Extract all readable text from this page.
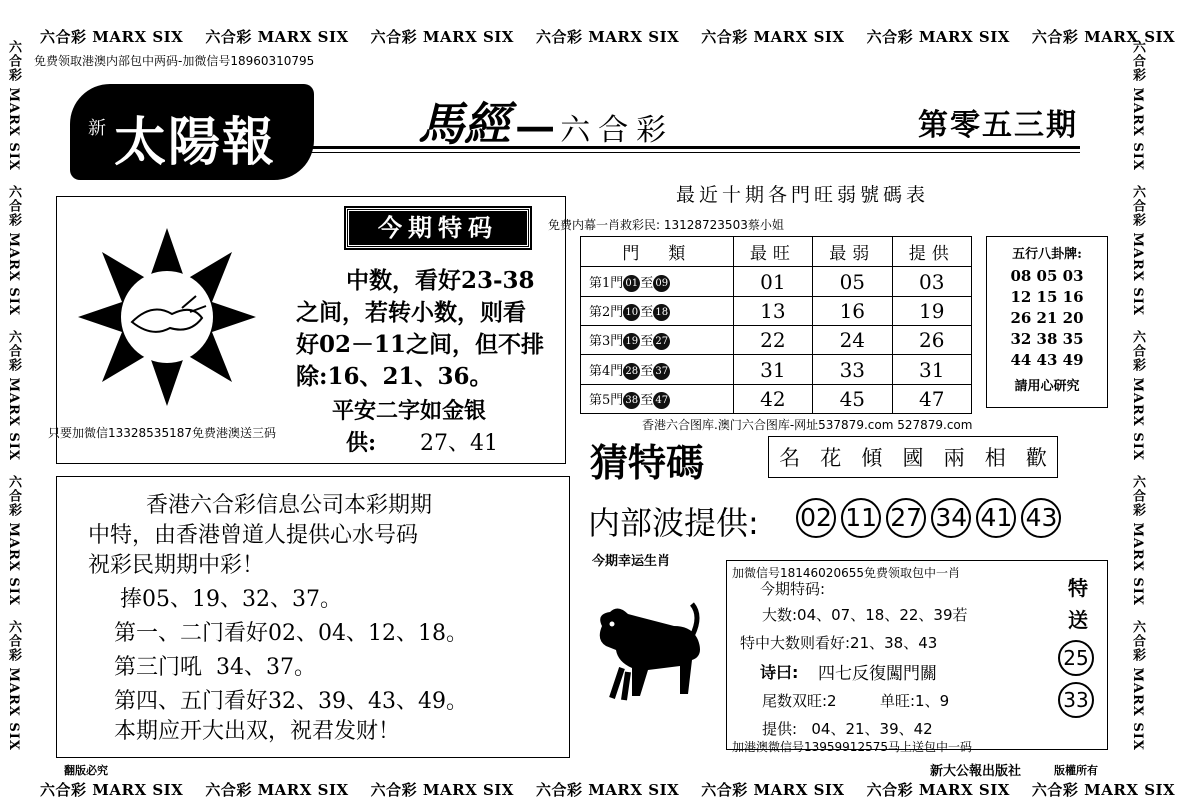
六合彩 MARX SIX 六合彩 MARX SIX 六合彩 MARX SIX 六合彩 MARX SIX 六合彩 MARX SIX 六合彩 MARX SIX 六合彩 MARX SIX
六合彩 MARX SIX 六合彩 MARX SIX 六合彩 MARX SIX 六合彩 MARX SIX 六合彩 MARX SIX 六合彩 MARX SIX 六合彩 MARX SIX
六合彩 MARX SIX六合彩 MARX SIX六合彩 MARX SIX六合彩 MARX SIX六合彩 MARX SIX
六合彩 MARX SIX六合彩 MARX SIX六合彩 MARX SIX六合彩 MARX SIX六合彩 MARX SIX
免费领取港澳内部包中两码-加微信号18960310795
新 太陽報	馬經 — 六合彩	第零五三期
今期特码
中数，看好23-38
之间，若转小数，则看
好02－11之间，但不排
除:16、21、36。
平安二字如金银
供: 27、41
只要加微信13328535187免费港澳送三码
最近十期各門旺弱號碼表
免费内幕一肖救彩民: 13128723503蔡小姐
門　類	最旺	最弱	提供
第1門 01 至 09	01	05	03
第2門 10 至 18	13	16	19
第3門 19 至 27	22	24	26
第4門 28 至 37	31	33	31
第5門 38 至 47	42	45	47
香港六合图库.澳门六合图库-网址537879.com 527879.com
五行八卦牌:
08 05 03
12 15 16
26 21 20
32 38 35
44 43 49
請用心研究
猜特碼	名 花 傾 國 兩 相 歡
内部波提供: 02 11 27 34 41 43
香港六合彩信息公司本彩期期
中特，由香港曾道人提供心水号码
祝彩民期期中彩！
捧05、19、32、37。
第一、二门看好02、04、12、18。
第三门吼  34、37。
第四、五门看好32、39、43、49。
本期应开大出双，祝君发财！
今期幸运生肖
加微信号18146020655免费领取包中一肖
今期特码:
大数:04、07、18、22、39若
特中大数则看好:21、38、43
诗曰: 四七反復闖門關
尾数双旺:2	单旺:1、9
提供:   04、21、39、42
加港澳微信号13959912575马上送包中一码
特
送
25
33
翻版必究	新大公報出版社	版權所有
